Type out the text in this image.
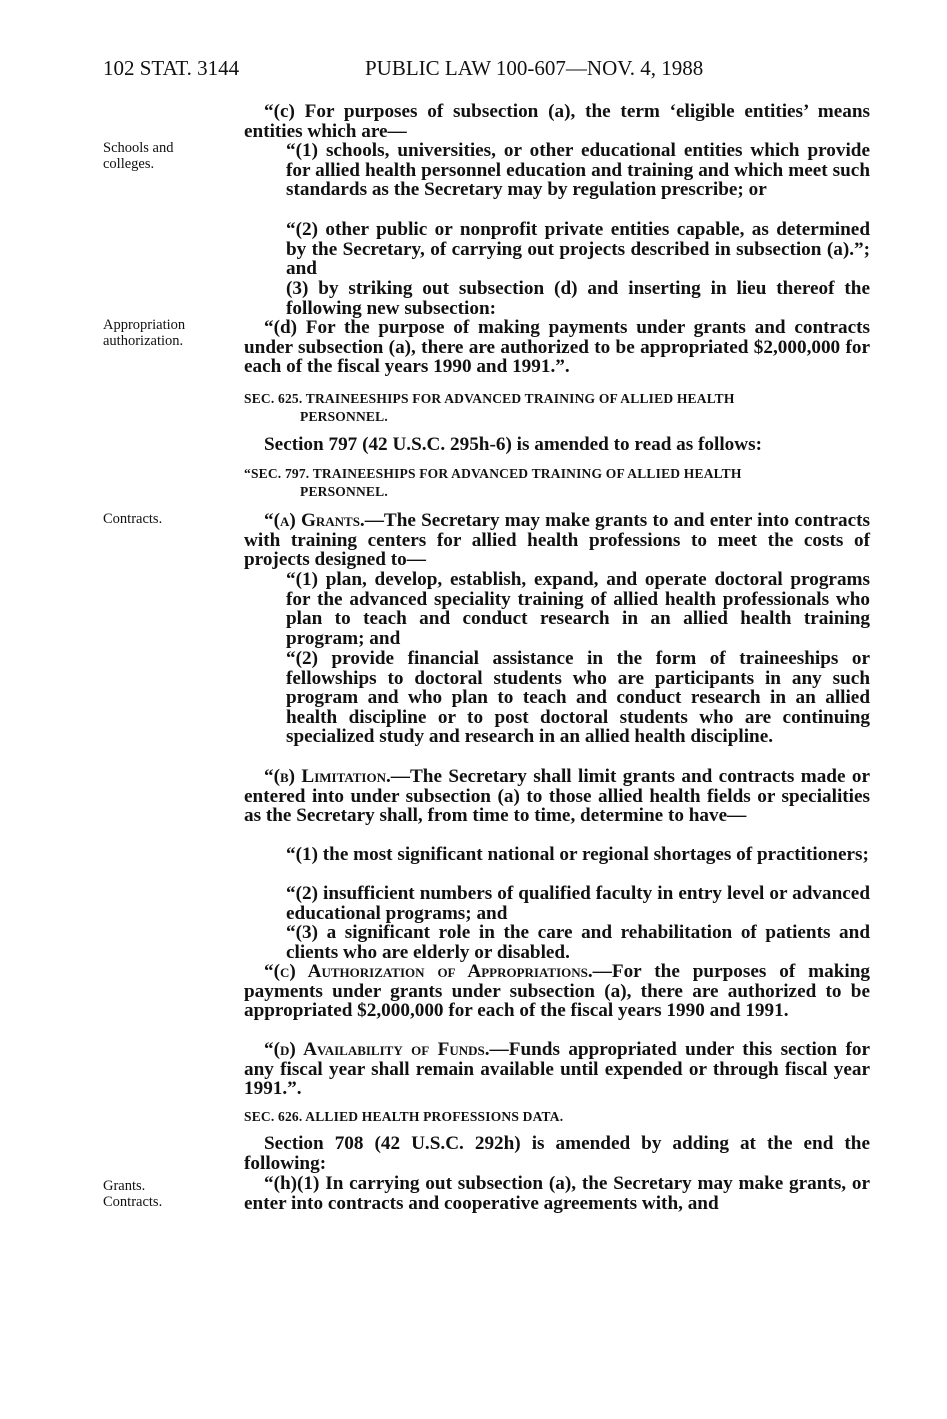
102 STAT. 3144	PUBLIC LAW 100-607—NOV. 4, 1988
Schools and colleges.
Appropriation authorization.
Contracts.
Grants.
Contracts.

“(c) For purposes of subsection (a), the term ‘eligible entities’ means entities which are—

“(1) schools, universities, or other educational entities which provide for allied health personnel education and training and which meet such standards as the Secretary may by regulation prescribe; or

“(2) other public or nonprofit private entities capable, as determined by the Secretary, of carrying out projects described in subsection (a).”; and

(3) by striking out subsection (d) and inserting in lieu thereof the following new subsection:

“(d) For the purpose of making payments under grants and contracts under subsection (a), there are authorized to be appropriated $2,000,000 for each of the fiscal years 1990 and 1991.”.

SEC. 625. TRAINEESHIPS FOR ADVANCED TRAINING OF ALLIED HEALTH
PERSONNEL.

Section 797 (42 U.S.C. 295h-6) is amended to read as follows:

“SEC. 797. TRAINEESHIPS FOR ADVANCED TRAINING OF ALLIED HEALTH
PERSONNEL.

“(a) Grants.—The Secretary may make grants to and enter into contracts with training centers for allied health professions to meet the costs of projects designed to—

“(1) plan, develop, establish, expand, and operate doctoral programs for the advanced speciality training of allied health professionals who plan to teach and conduct research in an allied health training program; and

“(2) provide financial assistance in the form of traineeships or fellowships to doctoral students who are participants in any such program and who plan to teach and conduct research in an allied health discipline or to post doctoral students who are continuing specialized study and research in an allied health discipline.

“(b) Limitation.—The Secretary shall limit grants and contracts made or entered into under subsection (a) to those allied health fields or specialities as the Secretary shall, from time to time, determine to have—

“(1) the most significant national or regional shortages of practitioners;

“(2) insufficient numbers of qualified faculty in entry level or advanced educational programs; and

“(3) a significant role in the care and rehabilitation of patients and clients who are elderly or disabled.

“(c) Authorization of Appropriations.—For the purposes of making payments under grants under subsection (a), there are authorized to be appropriated $2,000,000 for each of the fiscal years 1990 and 1991.

“(d) Availability of Funds.—Funds appropriated under this section for any fiscal year shall remain available until expended or through fiscal year 1991.”.

SEC. 626. ALLIED HEALTH PROFESSIONS DATA.

Section 708 (42 U.S.C. 292h) is amended by adding at the end the following:

“(h)(1) In carrying out subsection (a), the Secretary may make grants, or enter into contracts and cooperative agreements with, and
